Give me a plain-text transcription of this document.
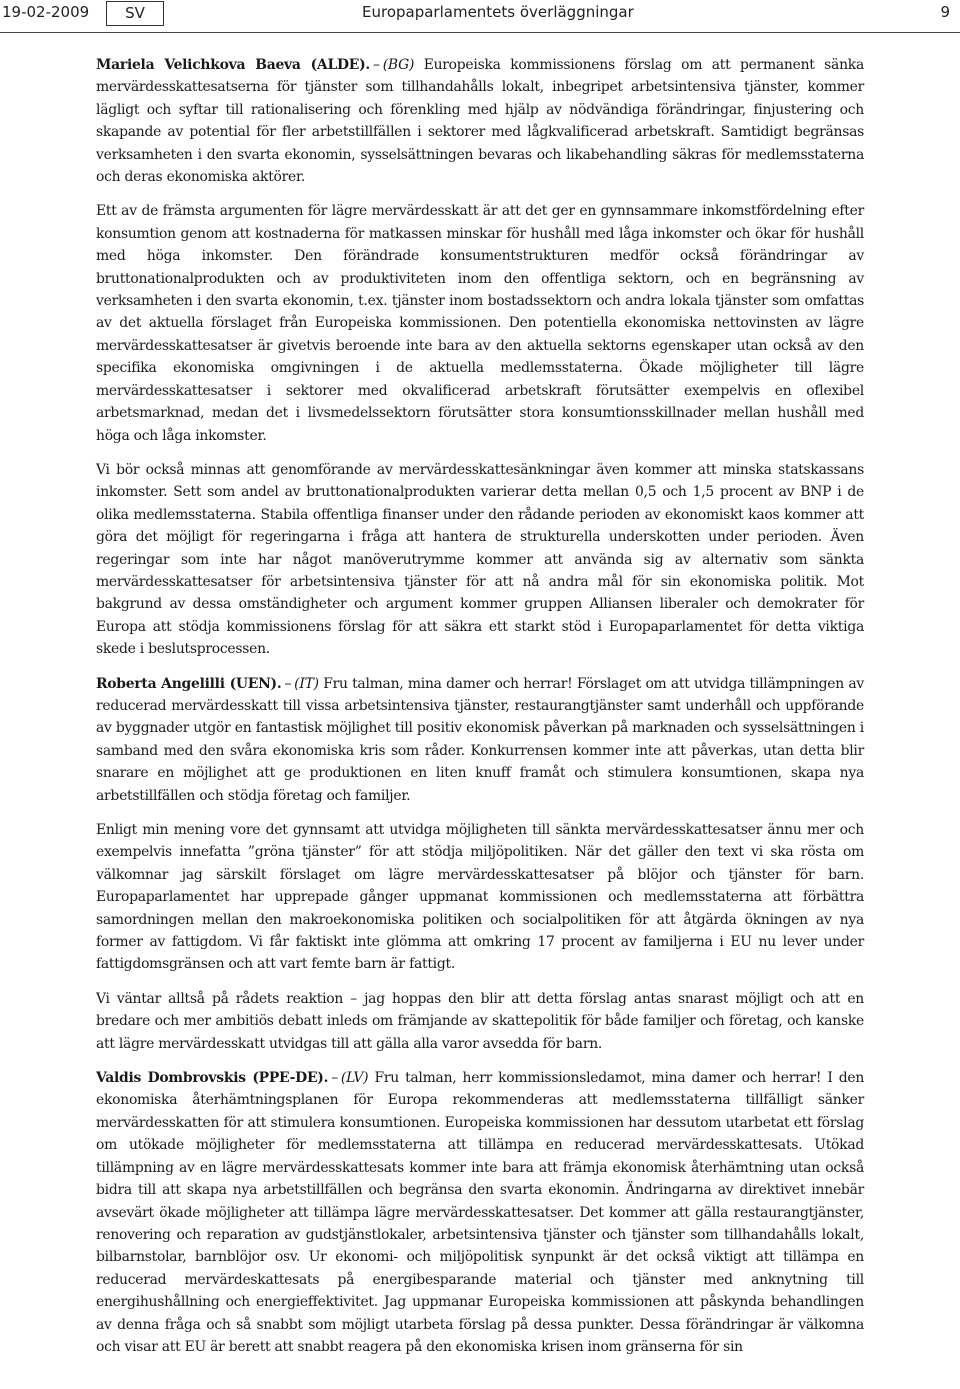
19-02-2009	SV	Europaparlamentets överläggningar	9

Mariela Velichkova Baeva (ALDE). – (BG) Europeiska kommissionens förslag om att permanent sänka mervärdesskattesatserna för tjänster som tillhandahålls lokalt, inbegripet arbetsintensiva tjänster, kommer lägligt och syftar till rationalisering och förenkling med hjälp av nödvändiga förändringar, finjustering och skapande av potential för fler arbetstillfällen i sektorer med lågkvalificerad arbetskraft. Samtidigt begränsas verksamheten i den svarta ekonomin, sysselsättningen bevaras och likabehandling säkras för medlemsstaterna och deras ekonomiska aktörer.

Ett av de främsta argumenten för lägre mervärdesskatt är att det ger en gynnsammare inkomstfördelning efter konsumtion genom att kostnaderna för matkassen minskar för hushåll med låga inkomster och ökar för hushåll med höga inkomster. Den förändrade konsumentstrukturen medför också förändringar av bruttonationalprodukten och av produktiviteten inom den offentliga sektorn, och en begränsning av verksamheten i den svarta ekonomin, t.ex. tjänster inom bostadssektorn och andra lokala tjänster som omfattas av det aktuella förslaget från Europeiska kommissionen. Den potentiella ekonomiska nettovinsten av lägre mervärdesskattesatser är givetvis beroende inte bara av den aktuella sektorns egenskaper utan också av den specifika ekonomiska omgivningen i de aktuella medlemsstaterna. Ökade möjligheter till lägre mervärdesskattesatser i sektorer med okvalificerad arbetskraft förutsätter exempelvis en oflexibel arbetsmarknad, medan det i livsmedelssektorn förutsätter stora konsumtionsskillnader mellan hushåll med höga och låga inkomster.

Vi bör också minnas att genomförande av mervärdesskattesänkningar även kommer att minska statskassans inkomster. Sett som andel av bruttonationalprodukten varierar detta mellan 0,5 och 1,5 procent av BNP i de olika medlemsstaterna. Stabila offentliga finanser under den rådande perioden av ekonomiskt kaos kommer att göra det möjligt för regeringarna i fråga att hantera de strukturella underskotten under perioden. Även regeringar som inte har något manöverutrymme kommer att använda sig av alternativ som sänkta mervärdesskattesatser för arbetsintensiva tjänster för att nå andra mål för sin ekonomiska politik. Mot bakgrund av dessa omständigheter och argument kommer gruppen Alliansen liberaler och demokrater för Europa att stödja kommissionens förslag för att säkra ett starkt stöd i Europaparlamentet för detta viktiga skede i beslutsprocessen.

Roberta Angelilli (UEN). – (IT) Fru talman, mina damer och herrar! Förslaget om att utvidga tillämpningen av reducerad mervärdesskatt till vissa arbetsintensiva tjänster, restaurangtjänster samt underhåll och uppförande av byggnader utgör en fantastisk möjlighet till positiv ekonomisk påverkan på marknaden och sysselsättningen i samband med den svåra ekonomiska kris som råder. Konkurrensen kommer inte att påverkas, utan detta blir snarare en möjlighet att ge produktionen en liten knuff framåt och stimulera konsumtionen, skapa nya arbetstillfällen och stödja företag och familjer.

Enligt min mening vore det gynnsamt att utvidga möjligheten till sänkta mervärdesskattesatser ännu mer och exempelvis innefatta ”gröna tjänster” för att stödja miljöpolitiken. När det gäller den text vi ska rösta om välkomnar jag särskilt förslaget om lägre mervärdesskattesatser på blöjor och tjänster för barn. Europaparlamentet har upprepade gånger uppmanat kommissionen och medlemsstaterna att förbättra samordningen mellan den makroekonomiska politiken och socialpolitiken för att åtgärda ökningen av nya former av fattigdom. Vi får faktiskt inte glömma att omkring 17 procent av familjerna i EU nu lever under fattigdomsgränsen och att vart femte barn är fattigt.

Vi väntar alltså på rådets reaktion – jag hoppas den blir att detta förslag antas snarast möjligt och att en bredare och mer ambitiös debatt inleds om främjande av skattepolitik för både familjer och företag, och kanske att lägre mervärdesskatt utvidgas till att gälla alla varor avsedda för barn.

Valdis Dombrovskis (PPE-DE). – (LV) Fru talman, herr kommissionsledamot, mina damer och herrar! I den ekonomiska återhämtningsplanen för Europa rekommenderas att medlemsstaterna tillfälligt sänker mervärdesskatten för att stimulera konsumtionen. Europeiska kommissionen har dessutom utarbetat ett förslag om utökade möjligheter för medlemsstaterna att tillämpa en reducerad mervärdesskattesats. Utökad tillämpning av en lägre mervärdesskattesats kommer inte bara att främja ekonomisk återhämtning utan också bidra till att skapa nya arbetstillfällen och begränsa den svarta ekonomin. Ändringarna av direktivet innebär avsevärt ökade möjligheter att tillämpa lägre mervärdesskattesatser. Det kommer att gälla restaurangtjänster, renovering och reparation av gudstjänstlokaler, arbetsintensiva tjänster och tjänster som tillhandahålls lokalt, bilbarnstolar, barnblöjor osv. Ur ekonomi- och miljöpolitisk synpunkt är det också viktigt att tillämpa en reducerad mervärdeskattesats på energibesparande material och tjänster med anknytning till energihushållning och energieffektivitet. Jag uppmanar Europeiska kommissionen att påskynda behandlingen av denna fråga och så snabbt som möjligt utarbeta förslag på dessa punkter. Dessa förändringar är välkomna och visar att EU är berett att snabbt reagera på den ekonomiska krisen inom gränserna för sin
